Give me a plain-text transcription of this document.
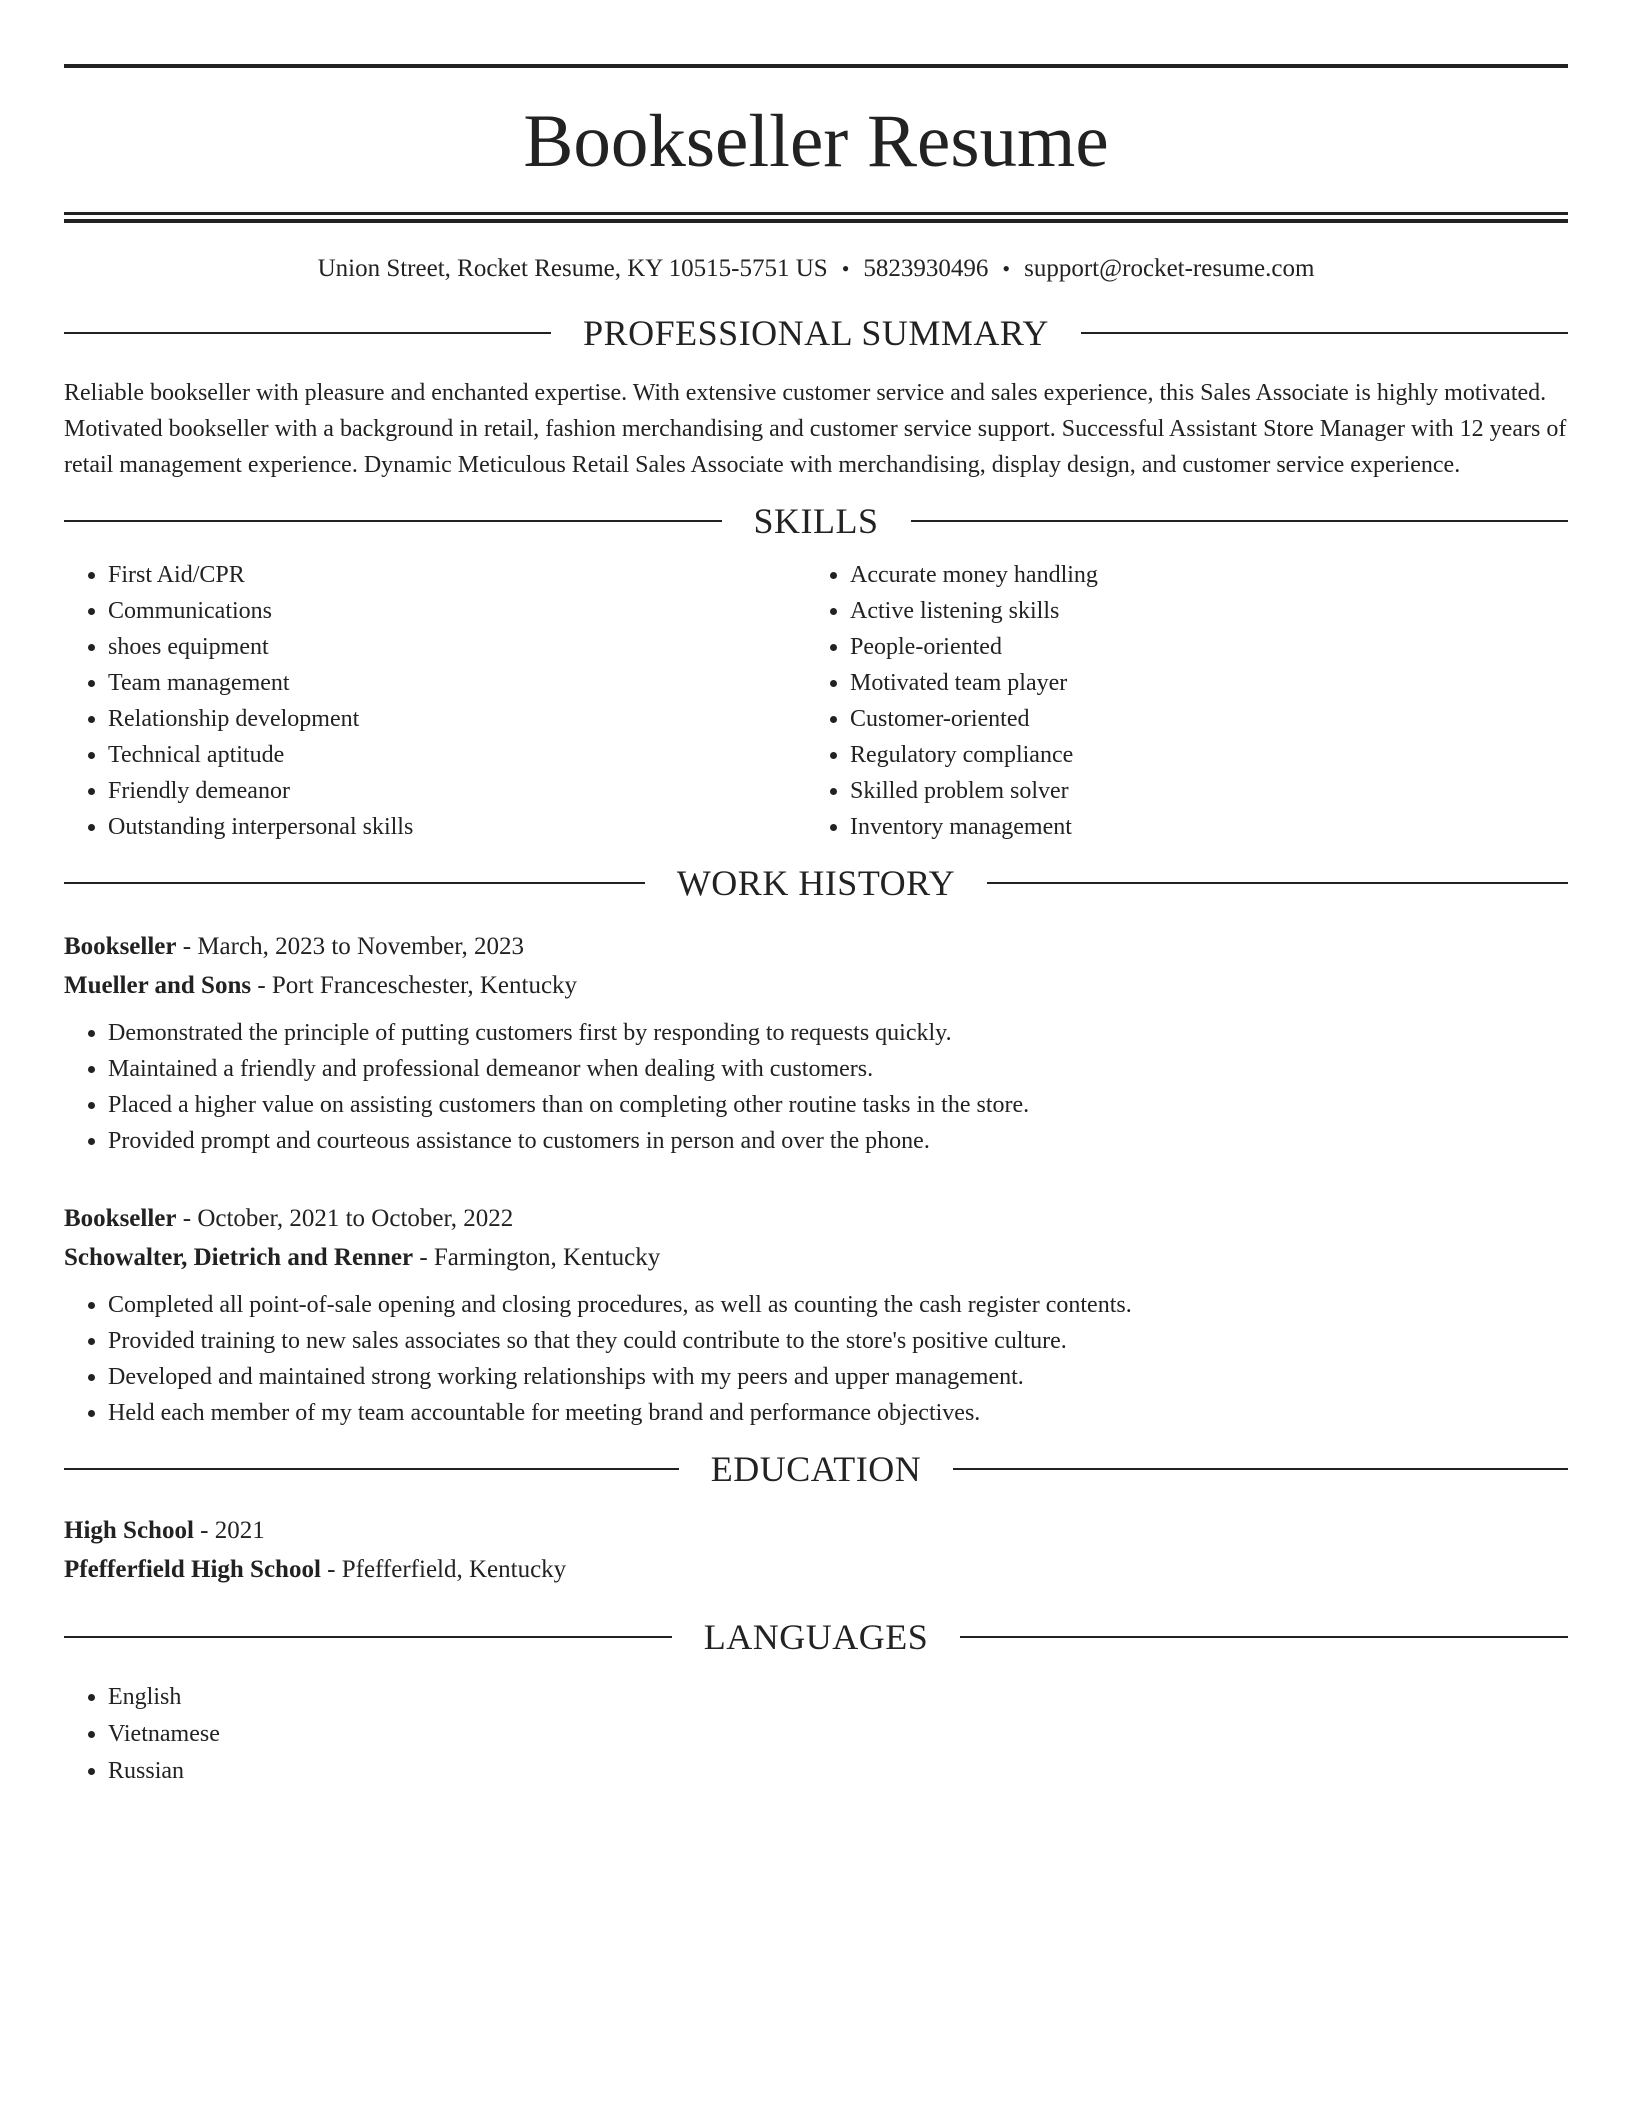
Bookseller Resume
Union Street, Rocket Resume, KY 10515-5751 US • 5823930496 • support@rocket-resume.com
PROFESSIONAL SUMMARY
Reliable bookseller with pleasure and enchanted expertise. With extensive customer service and sales experience, this Sales Associate is highly motivated. Motivated bookseller with a background in retail, fashion merchandising and customer service support. Successful Assistant Store Manager with 12 years of retail management experience. Dynamic Meticulous Retail Sales Associate with merchandising, display design, and customer service experience.
SKILLS
• First Aid/CPR
• Communications
• shoes equipment
• Team management
• Relationship development
• Technical aptitude
• Friendly demeanor
• Outstanding interpersonal skills
• Accurate money handling
• Active listening skills
• People-oriented
• Motivated team player
• Customer-oriented
• Regulatory compliance
• Skilled problem solver
• Inventory management
WORK HISTORY
Bookseller - March, 2023 to November, 2023
Mueller and Sons - Port Franceschester, Kentucky
• Demonstrated the principle of putting customers first by responding to requests quickly.
• Maintained a friendly and professional demeanor when dealing with customers.
• Placed a higher value on assisting customers than on completing other routine tasks in the store.
• Provided prompt and courteous assistance to customers in person and over the phone.
Bookseller - October, 2021 to October, 2022
Schowalter, Dietrich and Renner - Farmington, Kentucky
• Completed all point-of-sale opening and closing procedures, as well as counting the cash register contents.
• Provided training to new sales associates so that they could contribute to the store's positive culture.
• Developed and maintained strong working relationships with my peers and upper management.
• Held each member of my team accountable for meeting brand and performance objectives.
EDUCATION
High School - 2021
Pfefferfield High School - Pfefferfield, Kentucky
LANGUAGES
• English
• Vietnamese
• Russian
